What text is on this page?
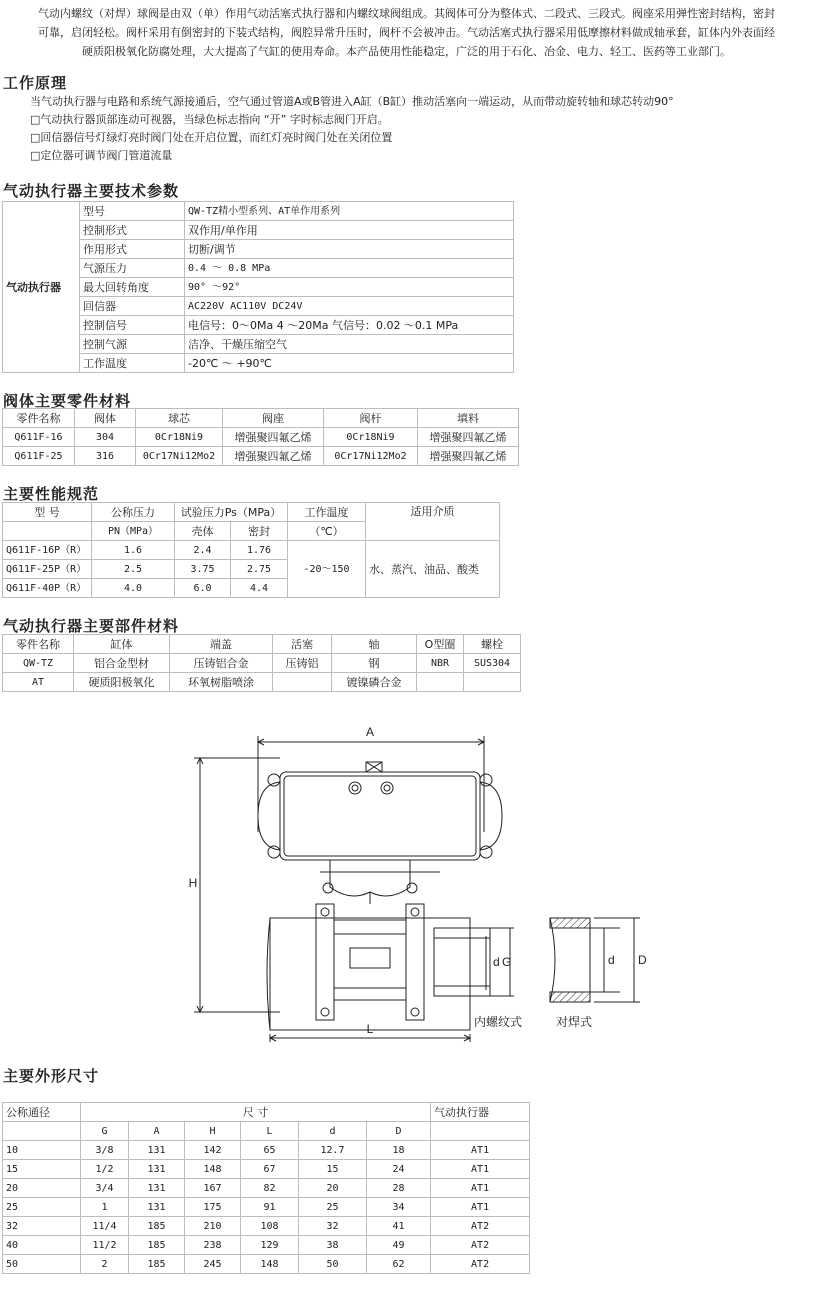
气动内螺纹（对焊）球阀是由双（单）作用气动活塞式执行器和内螺纹球阀组成。其阀体可分为整体式、二段式、三段式。阀座采用弹性密封结构，密封

可靠，启闭轻松。阀杆采用有倒密封的下装式结构，阀腔异常升压时，阀杆不会被冲击。气动活塞式执行器采用低摩擦材料做成轴承套，缸体内外表面经

硬质阳极氧化防腐处理，大大提高了气缸的使用寿命。本产品使用性能稳定，广泛的用于石化、冶金、电力、轻工、医药等工业部门。

工作原理
当气动执行器与电路和系统气源接通后，空气通过管道A或B管进入A缸（B缸）推动活塞向一端运动，从而带动旋转轴和球芯转动90°
□气动执行器顶部连动可视器，当绿色标志指向 “开” 字时标志阀门开启。
□回信器信号灯绿灯亮时阀门处在开启位置，而红灯亮时阀门处在关闭位置
□定位器可调节阀门管道流量
气动执行器主要技术参数
气动执行器	型号	QW-TZ精小型系列、AT单作用系列
	控制形式	双作用/单作用
	作用形式	切断/调节
	气源压力	0.4 ～ 0.8 MPa
	最大回转角度	90° ～92°
	回信器	AC220V AC110V DC24V
	控制信号	电信号：0～0Ma 4 ～20Ma 气信号：0.02 ～0.1 MPa
	控制气源	洁净、干燥压缩空气
	工作温度	-20℃ ～ +90℃
阀体主要零件材料
零件名称	阀体	球芯	阀座	阀杆	填料
Q611F-16	304	0Cr18Ni9	增强聚四氟乙烯	0Cr18Ni9	增强聚四氟乙烯
Q611F-25	316	0Cr17Ni12Mo2	增强聚四氟乙烯	0Cr17Ni12Mo2	增强聚四氟乙烯
主要性能规范
型 号	公称压力	试验压力Ps（MPa）		工作温度	适用介质
	PN（MPa）	壳体	密封	（℃）	
Q611F-16P（R）	1.6	2.4	1.76	-20～150	水、蒸汽、油品、酸类
Q611F-25P（R）	2.5	3.75	2.75		
Q611F-40P（R）	4.0	6.0	4.4		
气动执行器主要部件材料
零件名称	缸体	端盖	活塞	轴	O型圈	螺栓
QW-TZ	铝合金型材	压铸铝合金	压铸铝	钢	NBR	SUS304
AT	硬质阳极氧化	环氧树脂喷涂		镀镍磷合金		
A
H
L
d G	d D
内螺纹式	对焊式
主要外形尺寸
公称通径	尺 寸						气动执行器
	G	A	H	L	d	D	
10	3/8	131	142	65	12.7	18	AT1
15	1/2	131	148	67	15	24	AT1
20	3/4	131	167	82	20	28	AT1
25	1	131	175	91	25	34	AT1
32	11/4	185	210	108	32	41	AT2
40	11/2	185	238	129	38	49	AT2
50	2	185	245	148	50	62	AT2
